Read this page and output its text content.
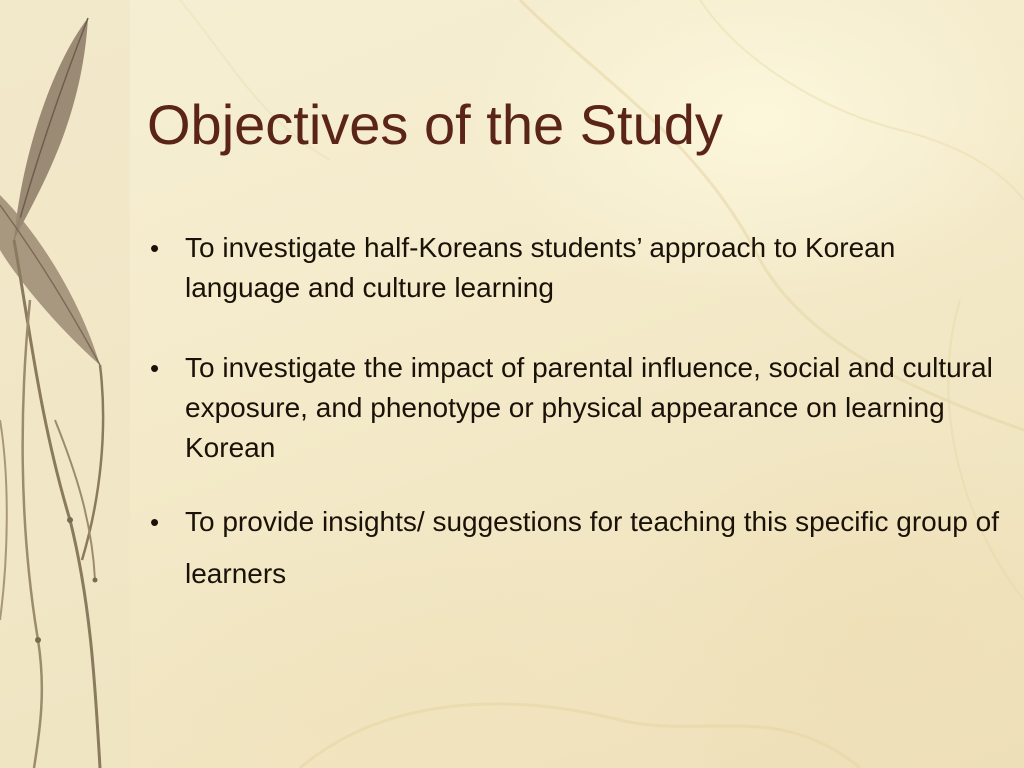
Objectives of the Study
• To investigate half-Koreans students’ approach to Korean language and culture learning
• To investigate the impact of parental influence, social and cultural exposure, and phenotype or physical appearance on learning Korean
• To provide insights/ suggestions for teaching this specific group of learners
